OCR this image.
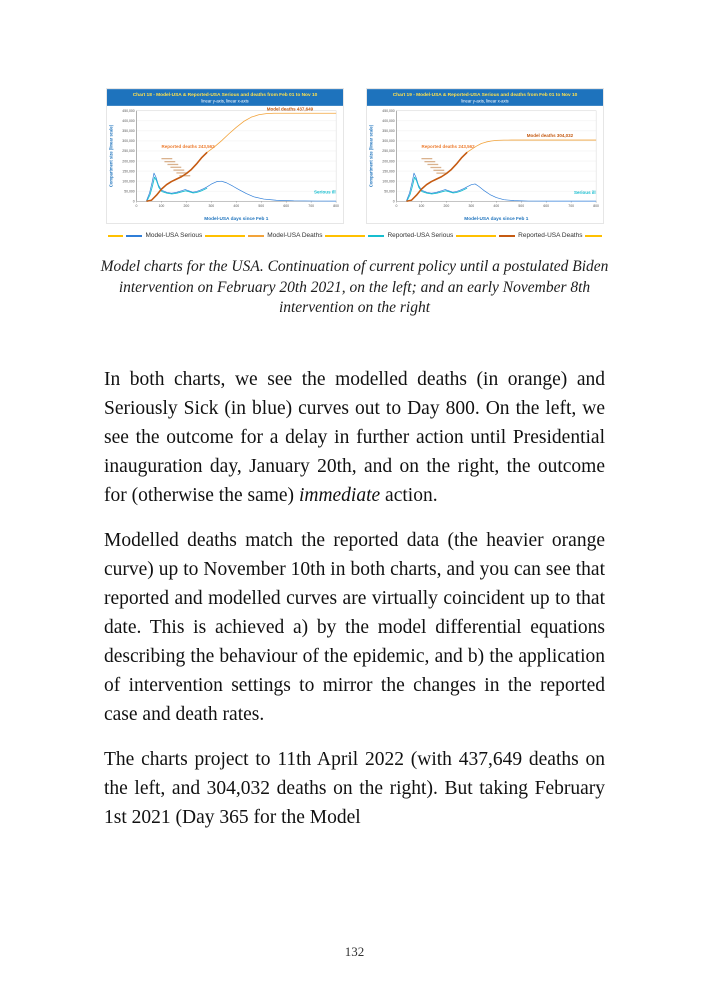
Chart 18 - Model-USA & Reported-USA Serious and deaths from Feb 01 to Nov 10
linear y-axis, linear x-axis
0
50,000
100,000
150,000
200,000
250,000
300,000
350,000
400,000
450,000
0	100	200	300	400	500	600	700	800
Model deaths 437,649
Reported deaths 243,562
Serious ill
Compartment size (linear scale)
Model-USA days since Feb 1
Chart 19 - Model-USA & Reported-USA Serious and deaths from Feb 01 to Nov 10
linear y-axis, linear x-axis
0
50,000
100,000
150,000
200,000
250,000
300,000
350,000
400,000
450,000
0	100	200	300	400	500	600	700	800
Model deaths 304,032
Reported deaths 243,562
Serious ill
Compartment size (linear scale)
Model-USA days since Feb 1
Model-USA Serious	Model-USA Deaths	Reported-USA Serious	Reported-USA Deaths

Model charts for the USA. Continuation of current policy until a postulated Biden intervention on February 20th 2021, on the left; and an early November 8th intervention on the right

In both charts, we see the modelled deaths (in orange) and Seriously Sick (in blue) curves out to Day 800. On the left, we see the outcome for a delay in further action until Presidential inauguration day, January 20th, and on the right, the outcome for (otherwise the same) immediate action.

Modelled deaths match the reported data (the heavier orange curve) up to November 10th in both charts, and you can see that reported and modelled curves are virtually coincident up to that date. This is achieved a) by the model differential equations describing the behaviour of the epidemic, and b) the application of intervention settings to mirror the changes in the reported case and death rates.

The charts project to 11th April 2022 (with 437,649 deaths on the left, and 304,032 deaths on the right). But taking February 1st 2021 (Day 365 for the Model

132
